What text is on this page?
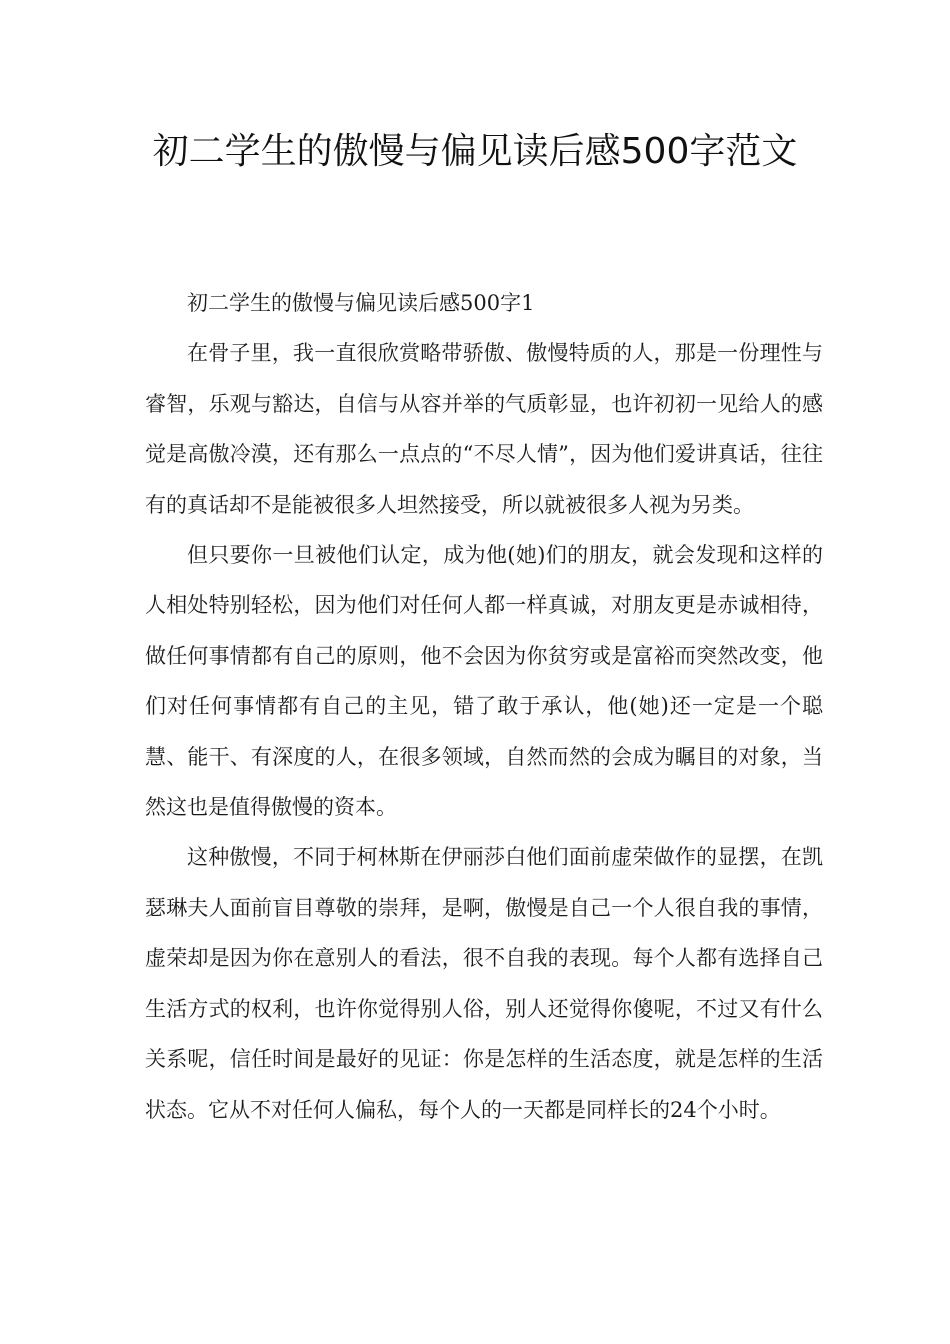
初二学生的傲慢与偏见读后感500字范文

初二学生的傲慢与偏见读后感500字1

在骨子里，我一直很欣赏略带骄傲、傲慢特质的人，那是一份理性与睿智，乐观与豁达，自信与从容并举的气质彰显，也许初初一见给人的感觉是高傲冷漠，还有那么一点点的“不尽人情”，因为他们爱讲真话，往往有的真话却不是能被很多人坦然接受，所以就被很多人视为另类。

但只要你一旦被他们认定，成为他(她)们的朋友，就会发现和这样的人相处特别轻松，因为他们对任何人都一样真诚，对朋友更是赤诚相待，做任何事情都有自己的原则，他不会因为你贫穷或是富裕而突然改变，他们对任何事情都有自己的主见，错了敢于承认，他(她)还一定是一个聪慧、能干、有深度的人，在很多领域，自然而然的会成为瞩目的对象，当然这也是值得傲慢的资本。

这种傲慢，不同于柯林斯在伊丽莎白他们面前虚荣做作的显摆，在凯瑟琳夫人面前盲目尊敬的崇拜，是啊，傲慢是自己一个人很自我的事情，虚荣却是因为你在意别人的看法，很不自我的表现。每个人都有选择自己生活方式的权利，也许你觉得别人俗，别人还觉得你傻呢，不过又有什么关系呢，信任时间是最好的见证：你是怎样的生活态度，就是怎样的生活状态。它从不对任何人偏私，每个人的一天都是同样长的24个小时。
